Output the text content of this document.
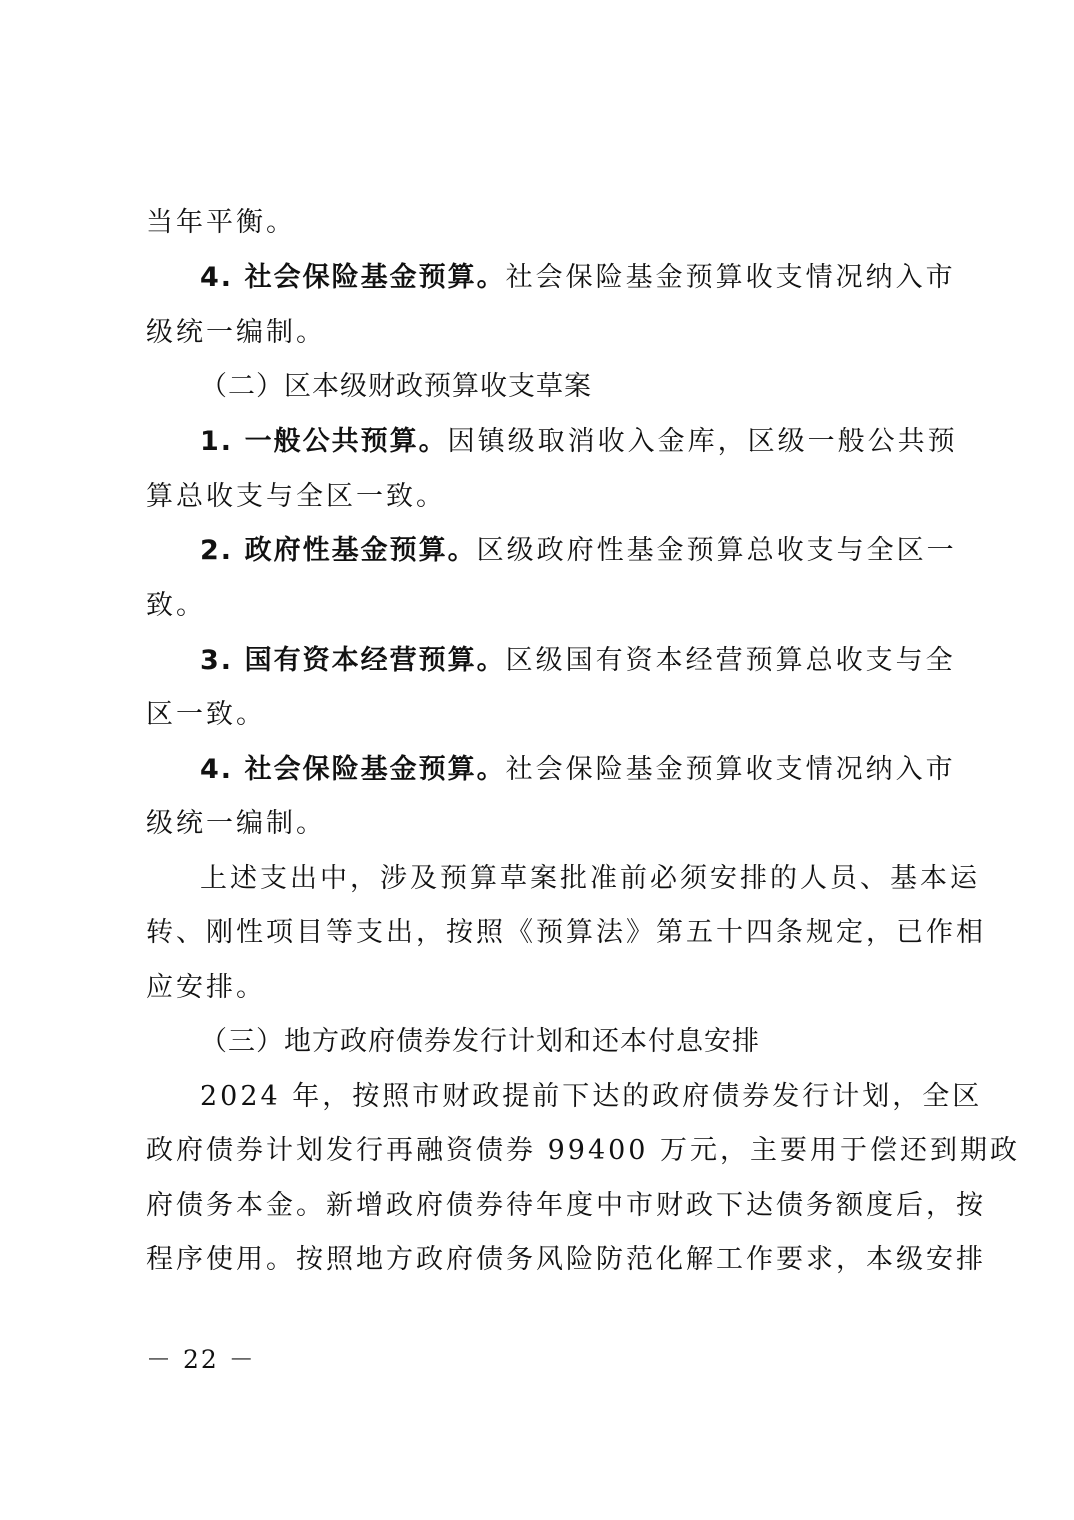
当年平衡。
4. 社会保险基金预算。社会保险基金预算收支情况纳入市
级统一编制。
（二）区本级财政预算收支草案
1. 一般公共预算。因镇级取消收入金库，区级一般公共预
算总收支与全区一致。
2. 政府性基金预算。区级政府性基金预算总收支与全区一
致。
3. 国有资本经营预算。区级国有资本经营预算总收支与全
区一致。
4. 社会保险基金预算。社会保险基金预算收支情况纳入市
级统一编制。
上述支出中，涉及预算草案批准前必须安排的人员、基本运
转、刚性项目等支出，按照《预算法》第五十四条规定，已作相
应安排。
（三）地方政府债券发行计划和还本付息安排
2024 年，按照市财政提前下达的政府债券发行计划，全区
政府债券计划发行再融资债券 99400 万元，主要用于偿还到期政
府债务本金。新增政府债券待年度中市财政下达债务额度后，按
程序使用。按照地方政府债务风险防范化解工作要求，本级安排
－ 22 －
